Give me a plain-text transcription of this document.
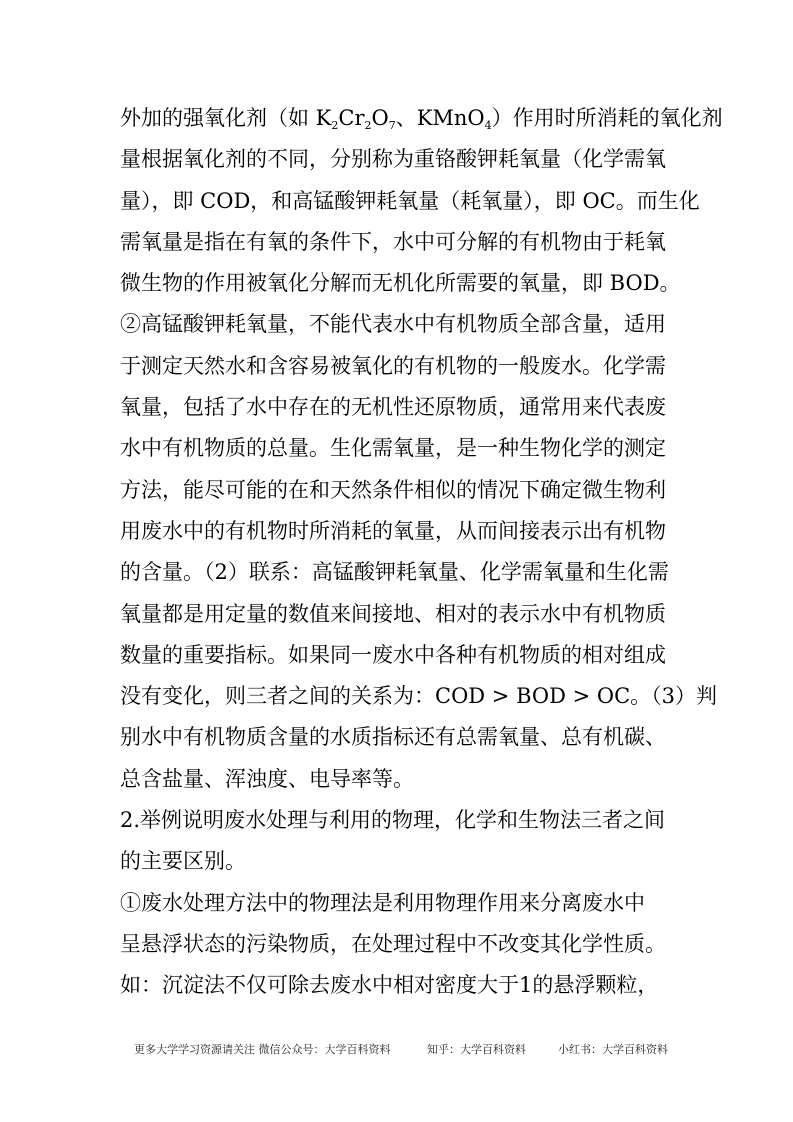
外加的强氧化剂（如 $K_2Cr_2O_7$、KMnO$_4$）作用时所消耗的氧化剂
量根据氧化剂的不同，分别称为重铬酸钾耗氧量（化学需氧
量），即 COD，和高锰酸钾耗氧量（耗氧量），即 OC。而生化
需氧量是指在有氧的条件下，水中可分解的有机物由于耗氧
微生物的作用被氧化分解而无机化所需要的氧量，即 BOD。
②高锰酸钾耗氧量，不能代表水中有机物质全部含量，适用
于测定天然水和含容易被氧化的有机物的一般废水。化学需
氧量，包括了水中存在的无机性还原物质，通常用来代表废
水中有机物质的总量。生化需氧量，是一种生物化学的测定
方法，能尽可能的在和天然条件相似的情况下确定微生物利
用废水中的有机物时所消耗的氧量，从而间接表示出有机物
的含量。（2）联系：高锰酸钾耗氧量、化学需氧量和生化需
氧量都是用定量的数值来间接地、相对的表示水中有机物质
数量的重要指标。如果同一废水中各种有机物质的相对组成
没有变化，则三者之间的关系为：COD > BOD > OC。（3）判
别水中有机物质含量的水质指标还有总需氧量、总有机碳、
总含盐量、浑浊度、电导率等。
2.举例说明废水处理与利用的物理，化学和生物法三者之间
的主要区别。
①废水处理方法中的物理法是利用物理作用来分离废水中
呈悬浮状态的污染物质，在处理过程中不改变其化学性质。
如：沉淀法不仅可除去废水中相对密度大于1的悬浮颗粒，
更多大学学习资源请关注 微信公众号：大学百科资料	知乎：大学百科资料	小红书：大学百科资料
